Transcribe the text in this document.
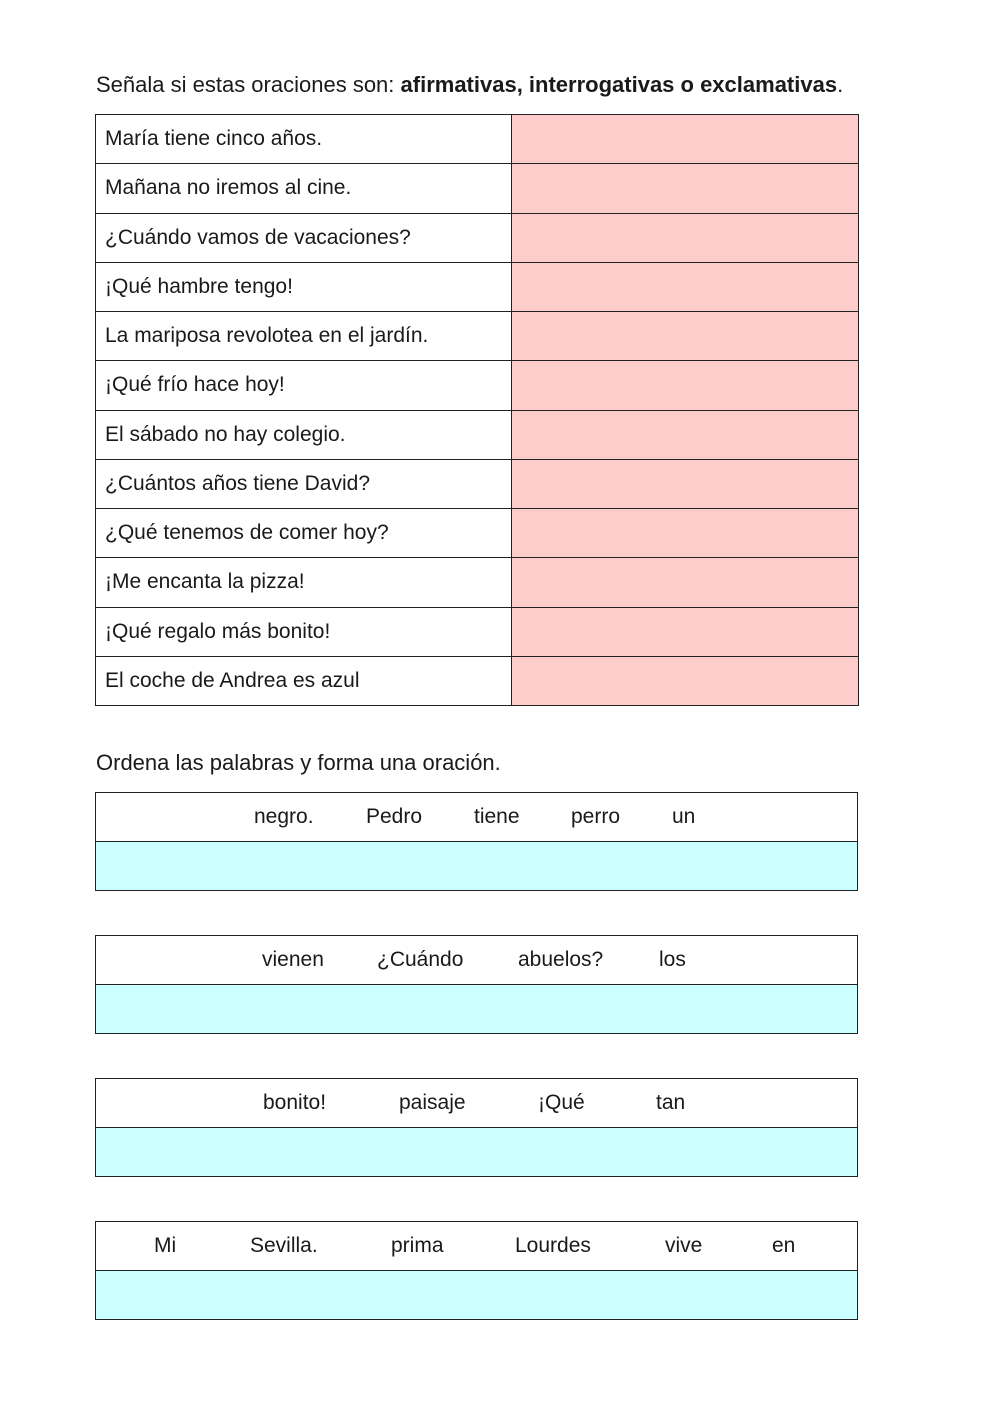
Señala si estas oraciones son: afirmativas, interrogativas o exclamativas.
María tiene cinco años.
Mañana no iremos al cine.
¿Cuándo vamos de vacaciones?
¡Qué hambre tengo!
La mariposa revolotea en el jardín.
¡Qué frío hace hoy!
El sábado no hay colegio.
¿Cuántos años tiene David?
¿Qué tenemos de comer hoy?
¡Me encanta la pizza!
¡Qué regalo más bonito!
El coche de Andrea es azul
Ordena las palabras y forma una oración.
negro. Pedro tiene perro un
vienen	¿Cuándo	abuelos?	los
bonito!	paisaje	¡Qué	tan
Mi	Sevilla.	prima	Lourdes	vive	en
